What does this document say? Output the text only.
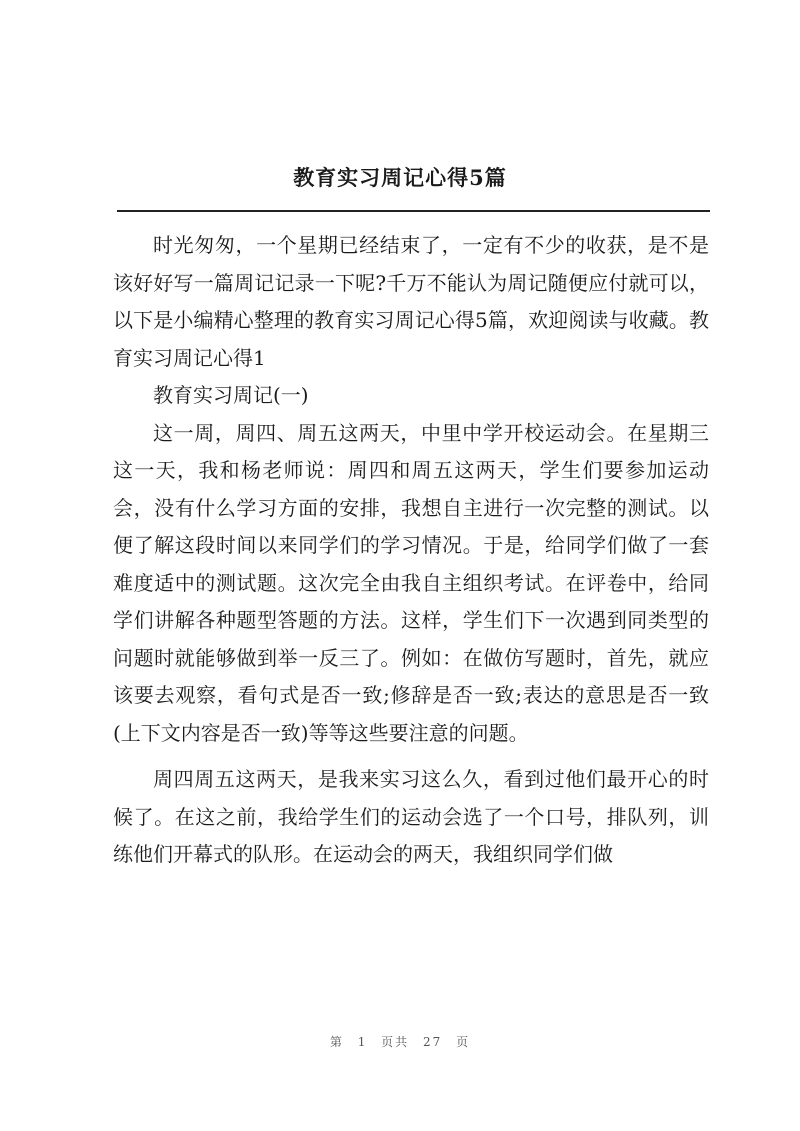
教育实习周记心得5篇

时光匆匆，一个星期已经结束了，一定有不少的收获，是不是该好好写一篇周记记录一下呢?千万不能认为周记随便应付就可以，以下是小编精心整理的教育实习周记心得5篇，欢迎阅读与收藏。教育实习周记心得1

教育实习周记(一)

这一周，周四、周五这两天，中里中学开校运动会。在星期三这一天，我和杨老师说：周四和周五这两天，学生们要参加运动会，没有什么学习方面的安排，我想自主进行一次完整的测试。以便了解这段时间以来同学们的学习情况。于是，给同学们做了一套难度适中的测试题。这次完全由我自主组织考试。在评卷中，给同学们讲解各种题型答题的方法。这样，学生们下一次遇到同类型的问题时就能够做到举一反三了。例如：在做仿写题时，首先，就应该要去观察，看句式是否一致;修辞是否一致;表达的意思是否一致(上下文内容是否一致)等等这些要注意的问题。

周四周五这两天，是我来实习这么久，看到过他们最开心的时候了。在这之前，我给学生们的运动会选了一个口号，排队列，训练他们开幕式的队形。在运动会的两天，我组织同学们做

第 1 页共 27 页
